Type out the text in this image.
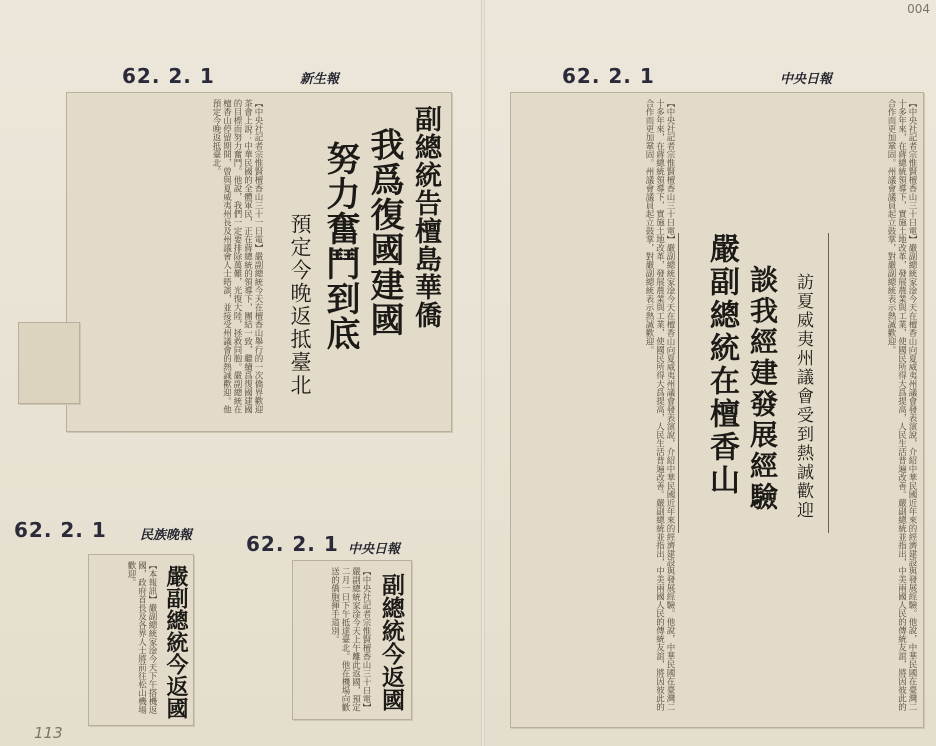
004
113
62. 2. 1	新生報
【中央社記者宗惟賢檀香山三十一日電】嚴副總統今天在檀香山舉行的一次僑界歡迎茶會上說：中華民國的全體軍民，正在蔣總統的領導下，團結一致，繼續爲復國建國的目標而努力奮鬥。他說，我們一定要排除萬難，光復大陸，拯救同胞。嚴副總統在檀香山停留期間，曾與夏威夷州長及州議會人士晤談，並接受州議會的熱誠歡迎。他預定今晚返抵臺北。	副總統告檀島華僑
我爲復國建國
努力奮鬥到底
預定今晚返抵臺北
62. 2. 1	民族晚報
【本報訊】嚴副總統家淦今天下午搭機返國，政府首長及各界人士將前往松山機場歡迎。	嚴副總統今返國
62. 2. 1 中央日報
【中央社記者宗惟賢檀香山三十日電】嚴副總統家淦今天上午離此返國，預定二月一日下午抵達臺北。他在機場向歡送的僑胞揮手道別。	副總統今返國
62. 2. 1	中央日報
【中央社記者宗惟賢檀香山三十日電】嚴副總統家淦今天在檀香山向夏威夷州議會發表演說，介紹中華民國近年來的經濟建設與發展經驗。他說，中華民國在臺灣二十多年來，在蔣總統領導下，實施土地改革，發展農業與工業，使國民所得大爲提高，人民生活普遍改善。嚴副總統並指出，中美兩國人民的傳統友誼，將因彼此的合作而更加鞏固。州議會議員起立鼓掌，對嚴副總統表示熱誠歡迎。
【中央社記者宗惟賢檀香山三十日電】嚴副總統家淦今天在檀香山向夏威夷州議會發表演說，介紹中華民國近年來的經濟建設與發展經驗。他說，中華民國在臺灣二十多年來，在蔣總統領導下，實施土地改革，發展農業與工業，使國民所得大爲提高，人民生活普遍改善。嚴副總統並指出，中美兩國人民的傳統友誼，將因彼此的合作而更加鞏固。州議會議員起立鼓掌，對嚴副總統表示熱誠歡迎。
嚴副總統在檀香山 談我經建發展經驗 訪夏威夷州議會受到熱誠歡迎
